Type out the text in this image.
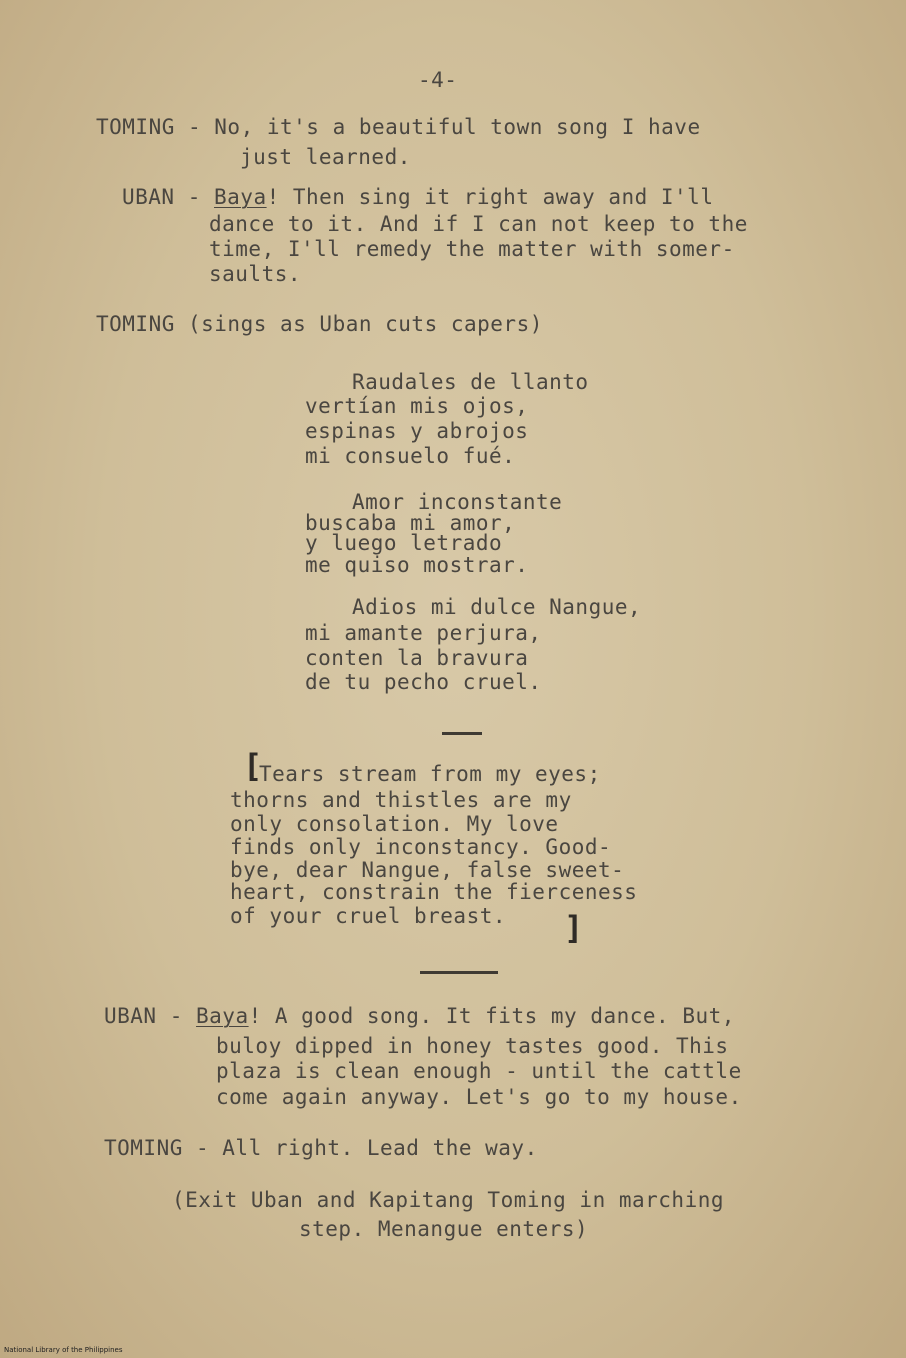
-4-
TOMING - No, it's a beautiful town song I have
just learned.
UBAN - Baya! Then sing it right away and I'll
dance to it. And if I can not keep to the
time, I'll remedy the matter with somer-
saults.
TOMING (sings as Uban cuts capers)
Raudales de llanto
vertían mis ojos,
espinas y abrojos
mi consuelo fué.
Amor inconstante
buscaba mi amor,
y luego letrado
me quiso mostrar.
Adios mi dulce Nangue,
mi amante perjura,
conten la bravura
de tu pecho cruel.
[
Tears stream from my eyes;
thorns and thistles are my
only consolation. My love
finds only inconstancy. Good-
bye, dear Nangue, false sweet-
heart, constrain the fierceness
of your cruel breast. ]
UBAN - Baya! A good song. It fits my dance. But,
buloy dipped in honey tastes good. This
plaza is clean enough - until the cattle
come again anyway. Let's go to my house.
TOMING - All right. Lead the way.
(Exit Uban and Kapitang Toming in marching
step. Menangue enters)
National Library of the Philippines
